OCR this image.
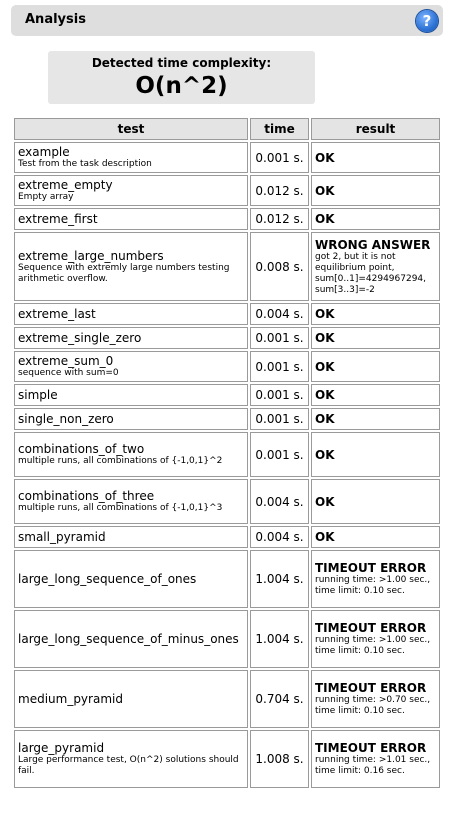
Analysis	?
Detected time complexity:
O(n^2)
test	time	result

example
Test from the task description	0.001 s.	OK

extreme_empty
Empty array	0.012 s.	OK

extreme_first	0.012 s.	OK

extreme_large_numbers
Sequence with extremly large numbers testing arithmetic overflow.	0.008 s.	WRONG ANSWER
got 2, but it is not equilibrium point, sum[0..1]=4294967294, sum[3..3]=-2

extreme_last	0.004 s.	OK

extreme_single_zero	0.001 s.	OK

extreme_sum_0
sequence with sum=0	0.001 s.	OK

simple	0.001 s.	OK

single_non_zero	0.001 s.	OK

combinations_of_two
multiple runs, all combinations of {-1,0,1}^2	0.001 s.	OK

combinations_of_three
multiple runs, all combinations of {-1,0,1}^3	0.004 s.	OK

small_pyramid	0.004 s.	OK

large_long_sequence_of_ones	1.004 s.	TIMEOUT ERROR
running time: >1.00 sec., time limit: 0.10 sec.

large_long_sequence_of_minus_ones	1.004 s.	TIMEOUT ERROR
running time: >1.00 sec., time limit: 0.10 sec.

medium_pyramid	0.704 s.	TIMEOUT ERROR
running time: >0.70 sec., time limit: 0.10 sec.

large_pyramid
Large performance test, O(n^2) solutions should fail.	1.008 s.	TIMEOUT ERROR
running time: >1.01 sec., time limit: 0.16 sec.
